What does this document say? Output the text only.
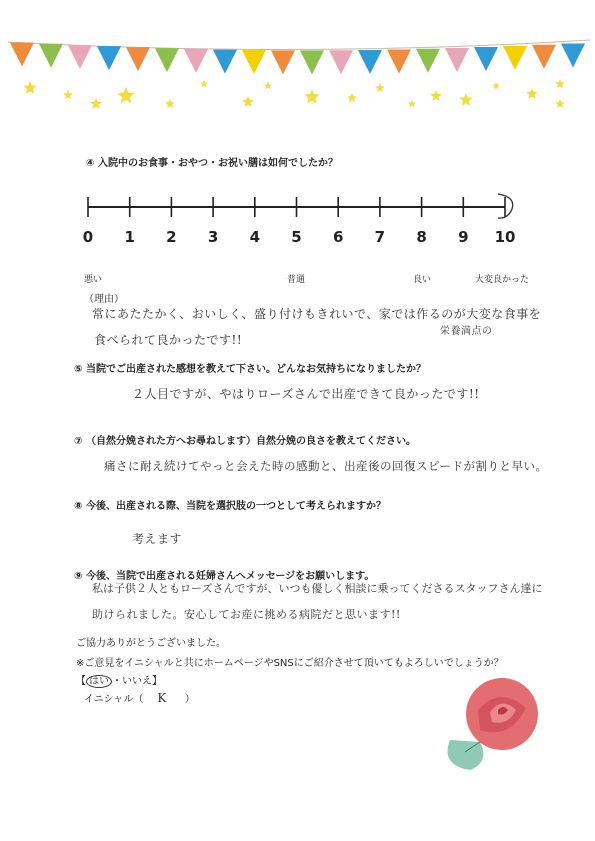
④ 入院中のお食事・おやつ・お祝い膳は如何でしたか？
0	1	2	3	4	5	6	7	8	9	10
悪い	普通	良い	大変良かった
（理由）
栄養満点の
常にあたたかく、おいしく、盛り付けもきれいで、家では作るのが大変な食事を
食べられて良かったです!!
⑤ 当院でご出産された感想を教えて下さい。どんなお気持ちになりましたか？
２人目ですが、やはりローズさんで出産できて良かったです!!
⑦ （自然分娩された方へお尋ねします）自然分娩の良さを教えてください。
痛さに耐え続けてやっと会えた時の感動と、出産後の回復スピードが割りと早い。
⑧ 今後、出産される際、当院を選択肢の一つとして考えられますか？
考えます
⑨ 今後、当院で出産される妊婦さんへメッセージをお願いします。
私は子供２人ともローズさんですが、いつも優しく相談に乗ってくださるスタッフさん達に
助けられました。安心してお産に挑める病院だと思います!!
ご協力ありがとうございました。
※ご意見をイニシャルと共にホームページやSNSにご紹介させて頂いてもよろしいでしょうか？
【 はい ・いいえ】
イニシャル（ K ）
